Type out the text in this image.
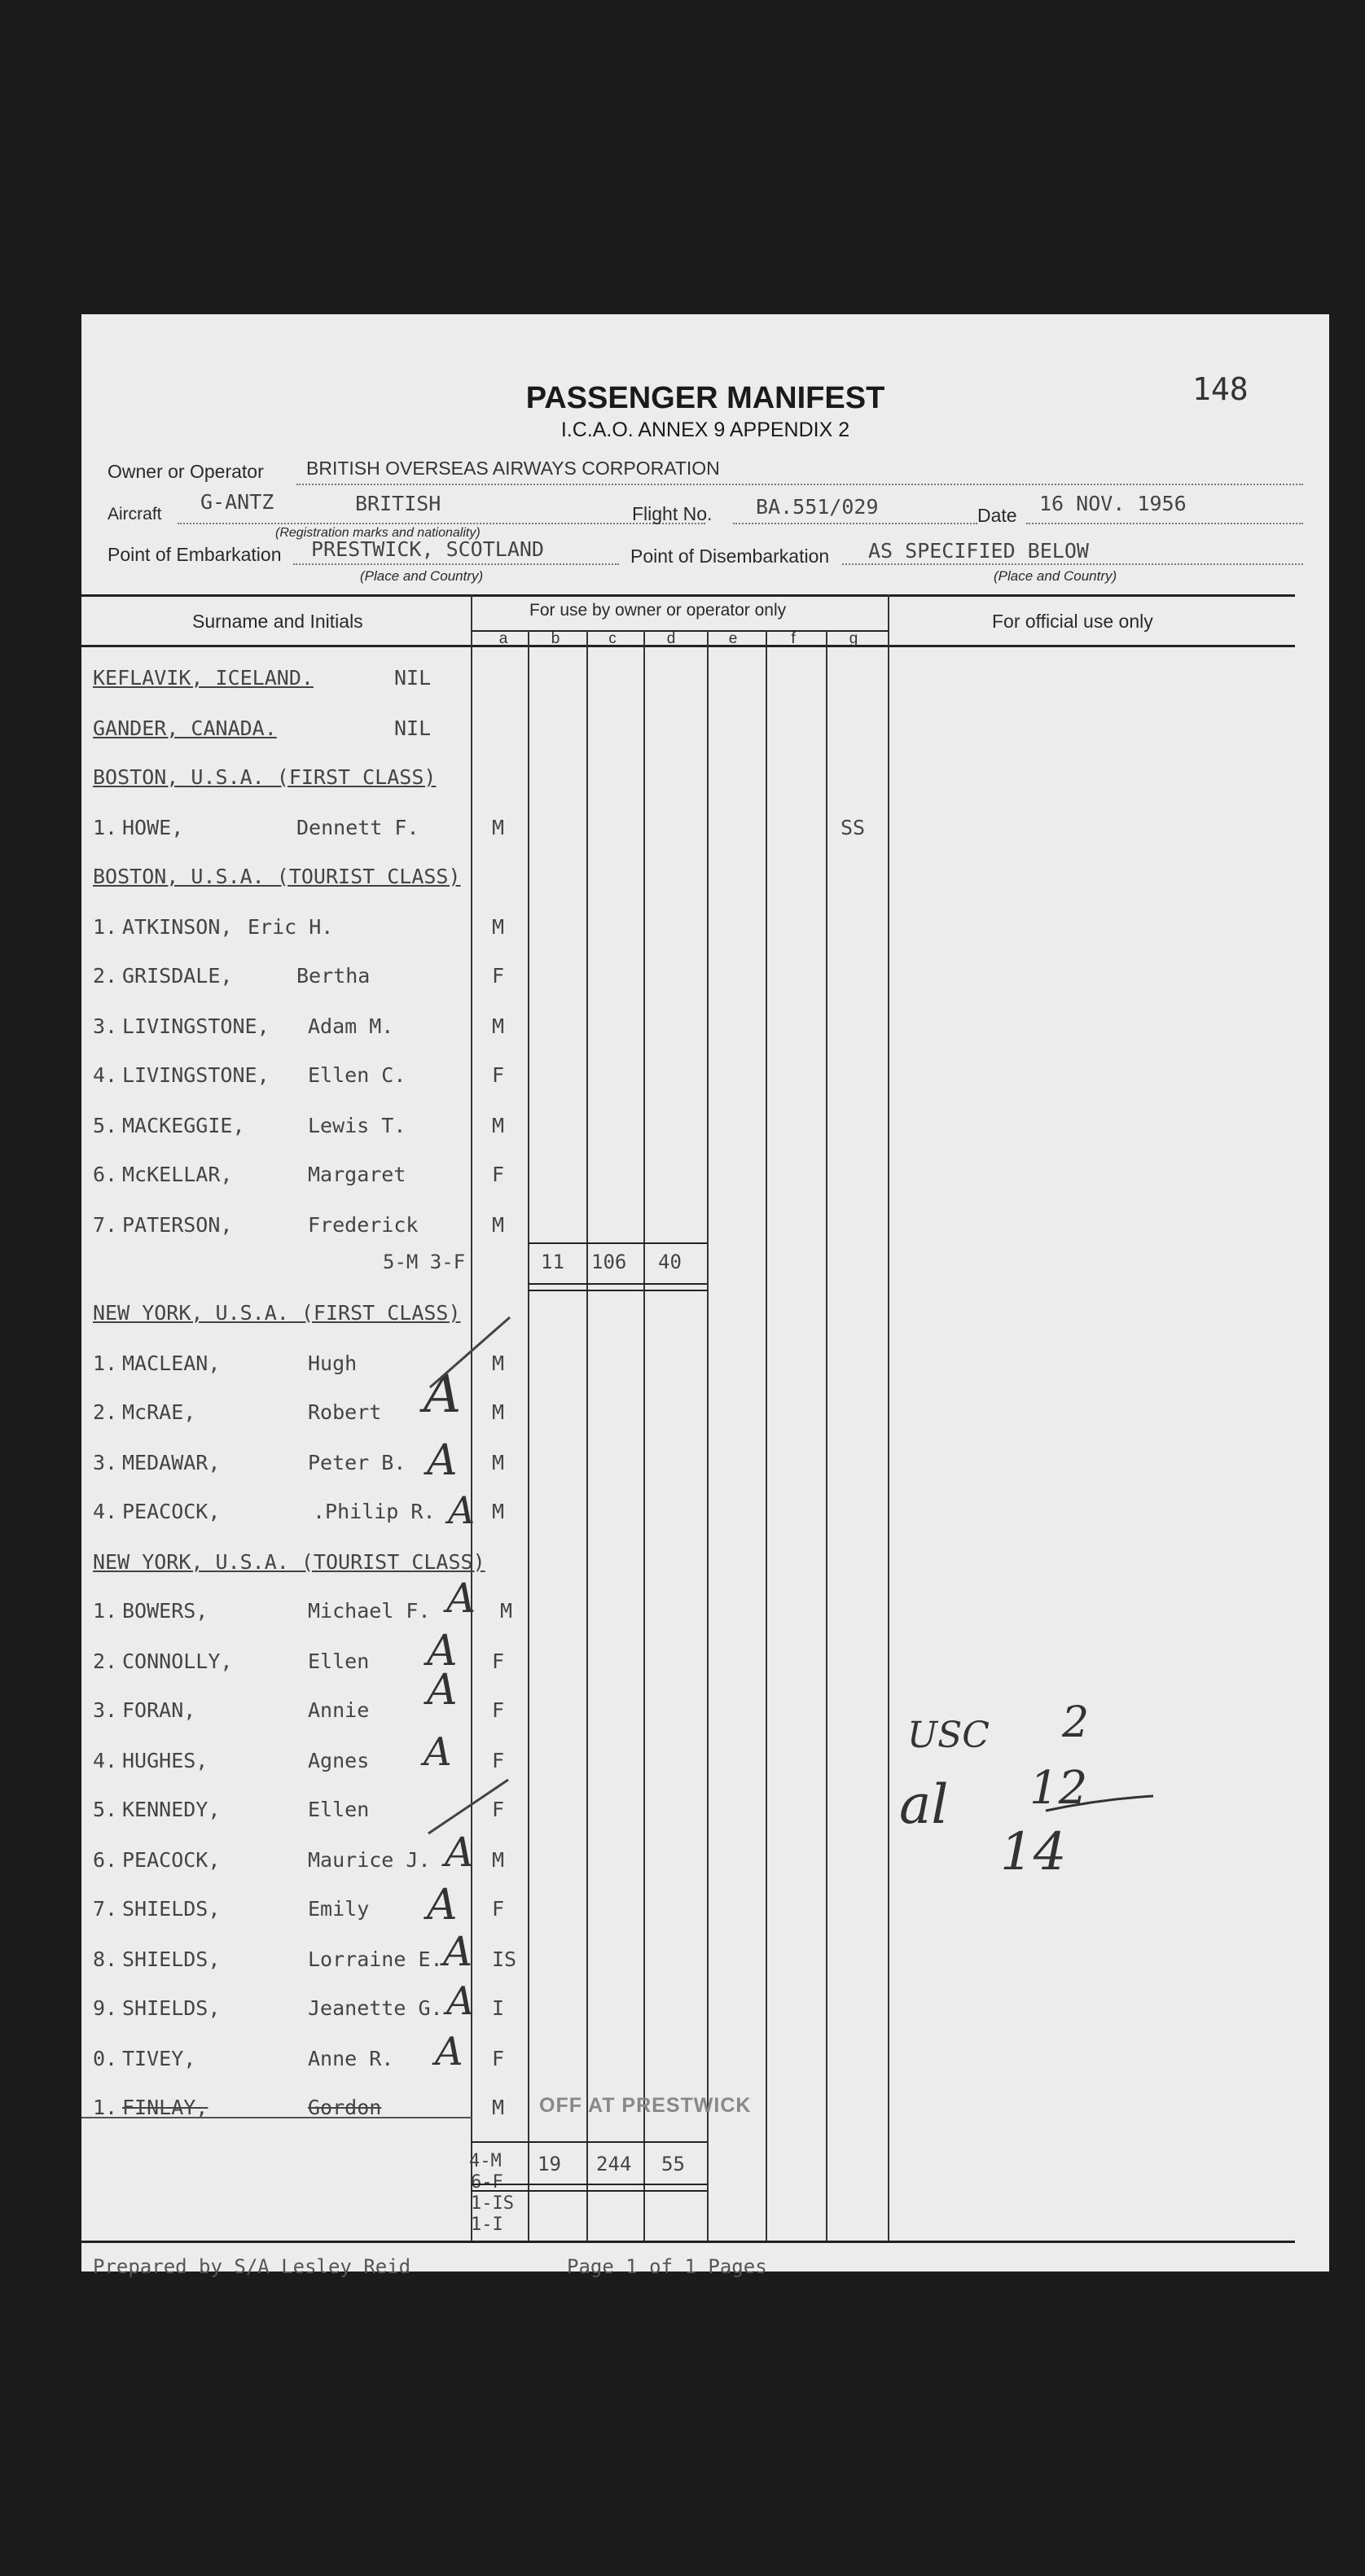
148
PASSENGER MANIFEST
I.C.A.O. ANNEX 9 APPENDIX 2
Owner or Operator BRITISH OVERSEAS AIRWAYS CORPORATION
Aircraft
G-ANTZ	BRITISH
(Registration marks and nationality)
Flight No. BA.551/029	Date 16 NOV. 1956
Point of Embarkation PRESTWICK, SCOTLAND
(Place and Country)
Point of Disembarkation AS SPECIFIED BELOW
(Place and Country)
Surname and Initials
For use by owner or operator only
For official use only
a	b	c	d	e	f	g
KEFLAVIK, ICELAND.	NIL
GANDER, CANADA.	NIL
BOSTON, U.S.A. (FIRST CLASS)
1. HOWE,	Dennett F.	M	SS
BOSTON, U.S.A. (TOURIST CLASS)
1. ATKINSON, Eric H.	M
2. GRISDALE,	Bertha	F
3. LIVINGSTONE, Adam M.	M
4. LIVINGSTONE, Ellen C.	F
5. MACKEGGIE,	Lewis T.	M
6. McKELLAR,	Margaret	F
7. PATERSON,	Frederick	M
5-M 3-F	11 106 40
NEW YORK, U.S.A. (FIRST CLASS)
1. MACLEAN,	Hugh	M
2. McRAE,	Robert	M
3. MEDAWAR,	Peter B.	M
4. PEACOCK,	.Philip R.	M
NEW YORK, U.S.A. (TOURIST CLASS)
1. BOWERS,	Michael F.	M
2. CONNOLLY,	Ellen	F
3. FORAN,	Annie	F
4. HUGHES,	Agnes	F
5. KENNEDY,	Ellen	F
6. PEACOCK,	Maurice J.	M
7. SHIELDS,	Emily	F
8. SHIELDS,	Lorraine E. IS
9. SHIELDS,	Jeanette G. I
0. TIVEY,	Anne R.	F
1. FINLAY,	Gordon	M
A
A
A
A
A
A
A
A
A
A
A
A
OFF AT PRESTWICK
4-M
6-F
1-IS
1-I
19 244 55
USC 2
al 12
14
Prepared by S/A Lesley Reid	Page 1 of 1 Pages
